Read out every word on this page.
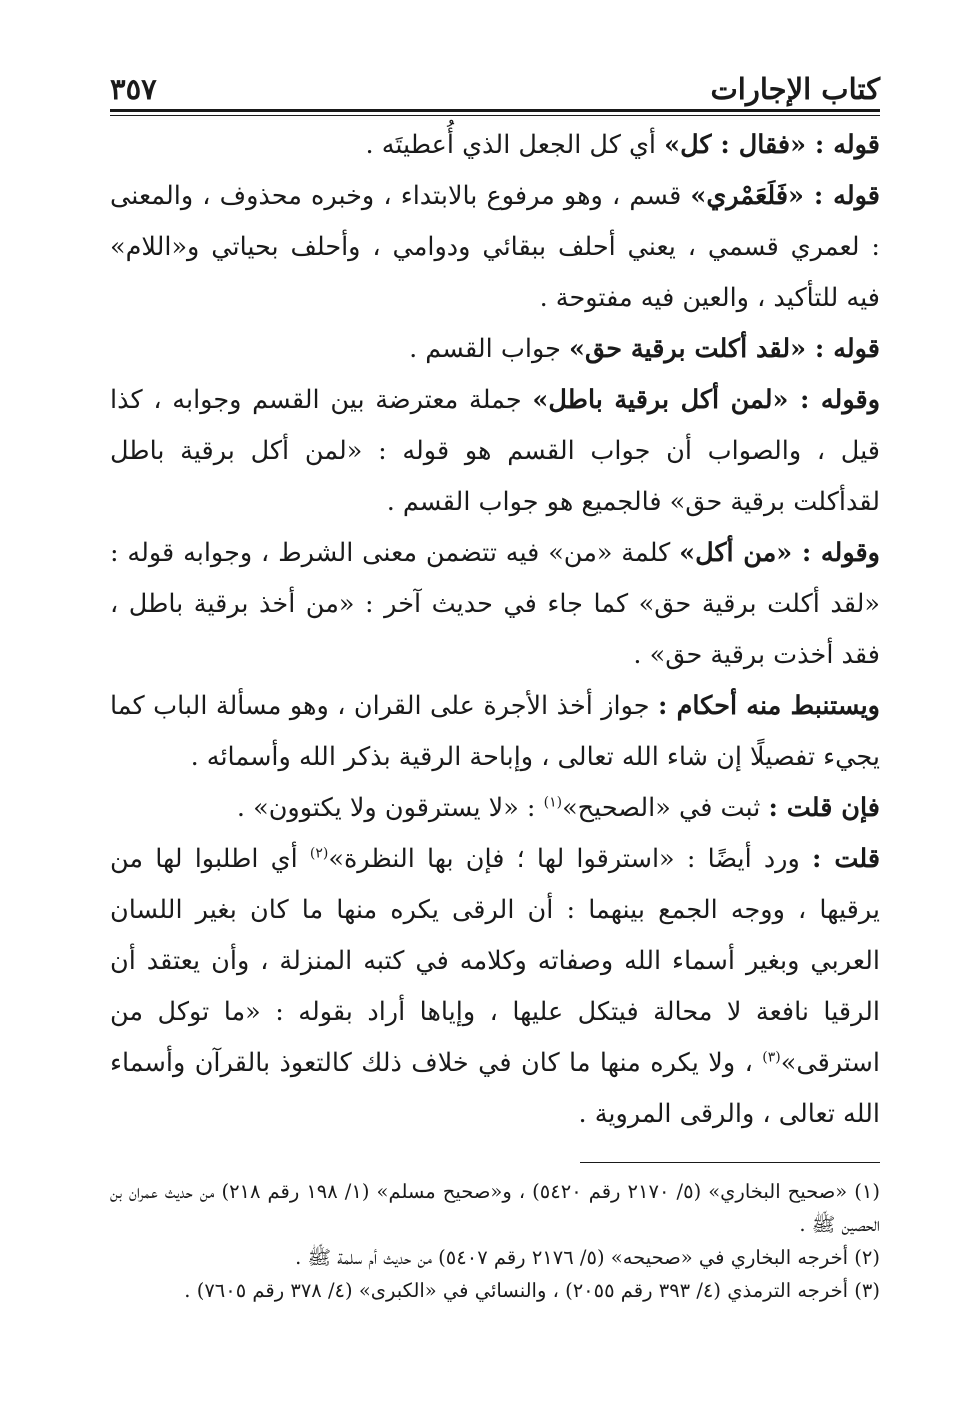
كتاب الإجارات
٣٥٧

قوله : «فقال : كل» أي كل الجعل الذي أُعطيتَه .

قوله : «فَلَعَمْري» قسم ، وهو مرفوع بالابتداء ، وخبره محذوف ، والمعنى : لعمري قسمي ، يعني أحلف ببقائي ودوامي ، وأحلف بحياتي و«اللام» فيه للتأكيد ، والعين فيه مفتوحة .

قوله : «لقد أكلت برقية حق» جواب القسم .

وقوله : «لمن أكل برقية باطل» جملة معترضة بين القسم وجوابه ، كذا قيل ، والصواب أن جواب القسم هو قوله : «لمن أكل برقية باطل لقدأكلت برقية حق» فالجميع هو جواب القسم .

وقوله : «من أكل» كلمة «من» فيه تتضمن معنى الشرط ، وجوابه قوله : «لقد أكلت برقية حق» كما جاء في حديث آخر : «من أخذ برقية باطل ، فقد أخذت برقية حق» .

ويستنبط منه أحكام : جواز أخذ الأجرة على القران ، وهو مسألة الباب كما يجيء تفصيلًا إن شاء الله تعالى ، وإباحة الرقية بذكر الله وأسمائه .

فإن قلت : ثبت في «الصحيح»$^{(١)}$ : «لا يسترقون ولا يكتوون» .

قلت : ورد أيضًا : «استرقوا لها ؛ فإن بها النظرة»$^{(٢)}$ أي اطلبوا لها من يرقيها ، ووجه الجمع بينهما : أن الرقى يكره منها ما كان بغير اللسان العربي وبغير أسماء الله وصفاته وكلامه في كتبه المنزلة ، وأن يعتقد أن الرقيا نافعة لا محالة فيتكل عليها ، وإياها أراد بقوله : «ما توكل من استرقى»$^{(٣)}$ ، ولا يكره منها ما كان في خلاف ذلك كالتعوذ بالقرآن وأسماء الله تعالى ، والرقى المروية .

(١) «صحيح البخاري» (٥/ ٢١٧٠ رقم ٥٤٢٠) ، و«صحيح مسلم» (١/ ١٩٨ رقم ٢١٨) من حديث عمران بن الحصين ﷺ .

(٢) أخرجه البخاري في «صحيحه» (٥/ ٢١٧٦ رقم ٥٤٠٧) من حديث أم سلمة ﷺ .

(٣) أخرجه الترمذي (٤/ ٣٩٣ رقم ٢٠٥٥) ، والنسائي في «الكبرى» (٤/ ٣٧٨ رقم ٧٦٠٥) .
